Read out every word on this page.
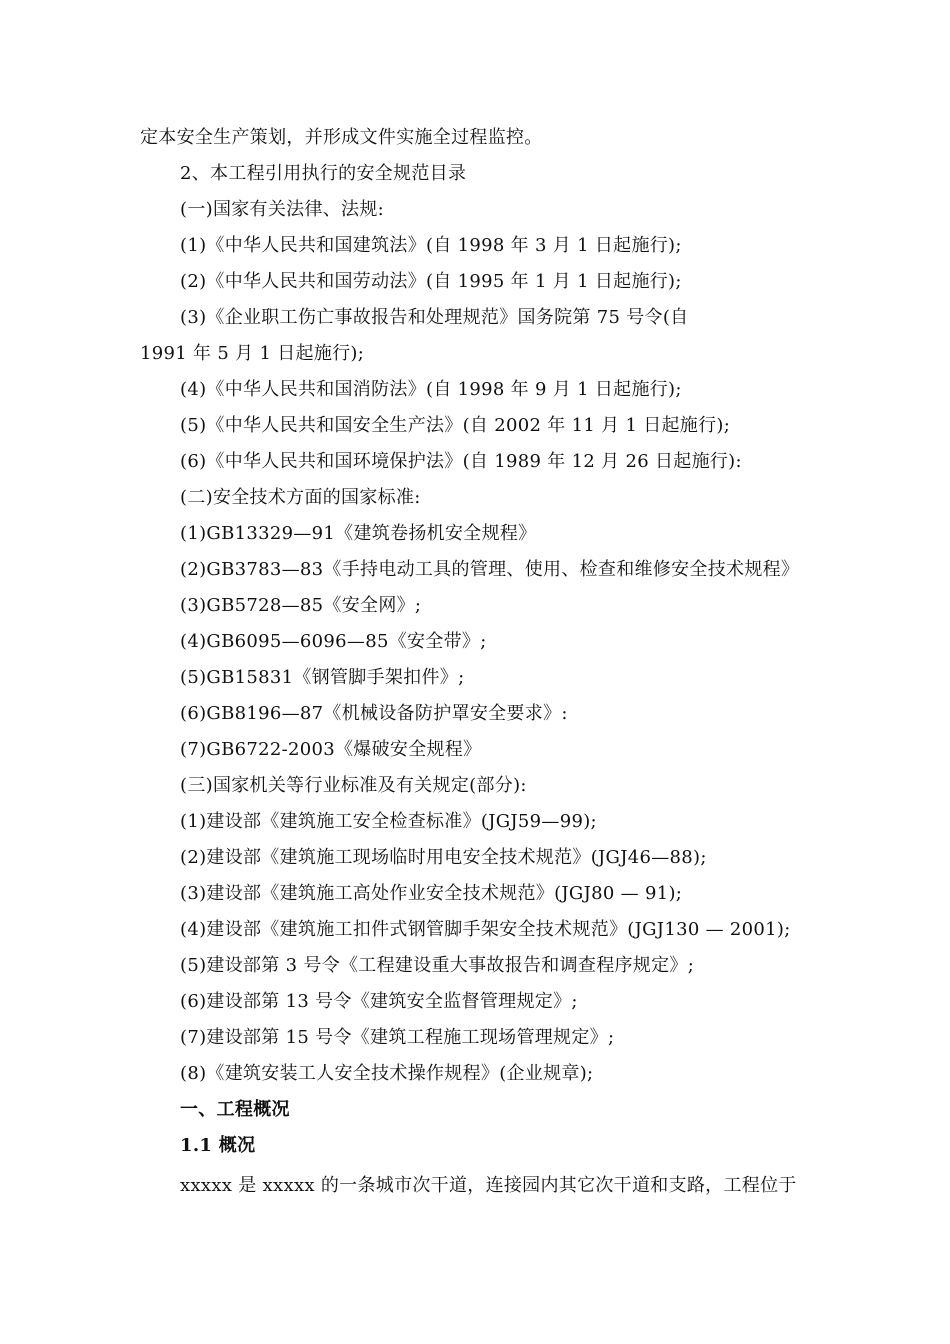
定本安全生产策划，并形成文件实施全过程监控。
2、本工程引用执行的安全规范目录
(一)国家有关法律、法规:
(1)《中华人民共和国建筑法》(自 1998 年 3 月 1 日起施行);
(2)《中华人民共和国劳动法》(自 1995 年 1 月 1 日起施行);
(3)《企业职工伤亡事故报告和处理规范》国务院第 75 号令(自
1991 年 5 月 1 日起施行);
(4)《中华人民共和国消防法》(自 1998 年 9 月 1 日起施行);
(5)《中华人民共和国安全生产法》(自 2002 年 11 月 1 日起施行);
(6)《中华人民共和国环境保护法》(自 1989 年 12 月 26 日起施行):
(二)安全技术方面的国家标准:
(1)GB13329—91《建筑卷扬机安全规程》
(2)GB3783—83《手持电动工具的管理、使用、检查和维修安全技术规程》
(3)GB5728—85《安全网》;
(4)GB6095—6096—85《安全带》;
(5)GB15831《钢管脚手架扣件》;
(6)GB8196—87《机械设备防护罩安全要求》:
(7)GB6722-2003《爆破安全规程》
(三)国家机关等行业标准及有关规定(部分):
(1)建设部《建筑施工安全检查标准》(JGJ59—99);
(2)建设部《建筑施工现场临时用电安全技术规范》(JGJ46—88);
(3)建设部《建筑施工高处作业安全技术规范》(JGJ80 — 91);
(4)建设部《建筑施工扣件式钢管脚手架安全技术规范》(JGJ130 — 2001);
(5)建设部第 3 号令《工程建设重大事故报告和调查程序规定》;
(6)建设部第 13 号令《建筑安全监督管理规定》;
(7)建设部第 15 号令《建筑工程施工现场管理规定》;
(8)《建筑安装工人安全技术操作规程》(企业规章);
一、工程概况
1.1 概况
xxxxx 是 xxxxx 的一条城市次干道，连接园内其它次干道和支路，工程位于
